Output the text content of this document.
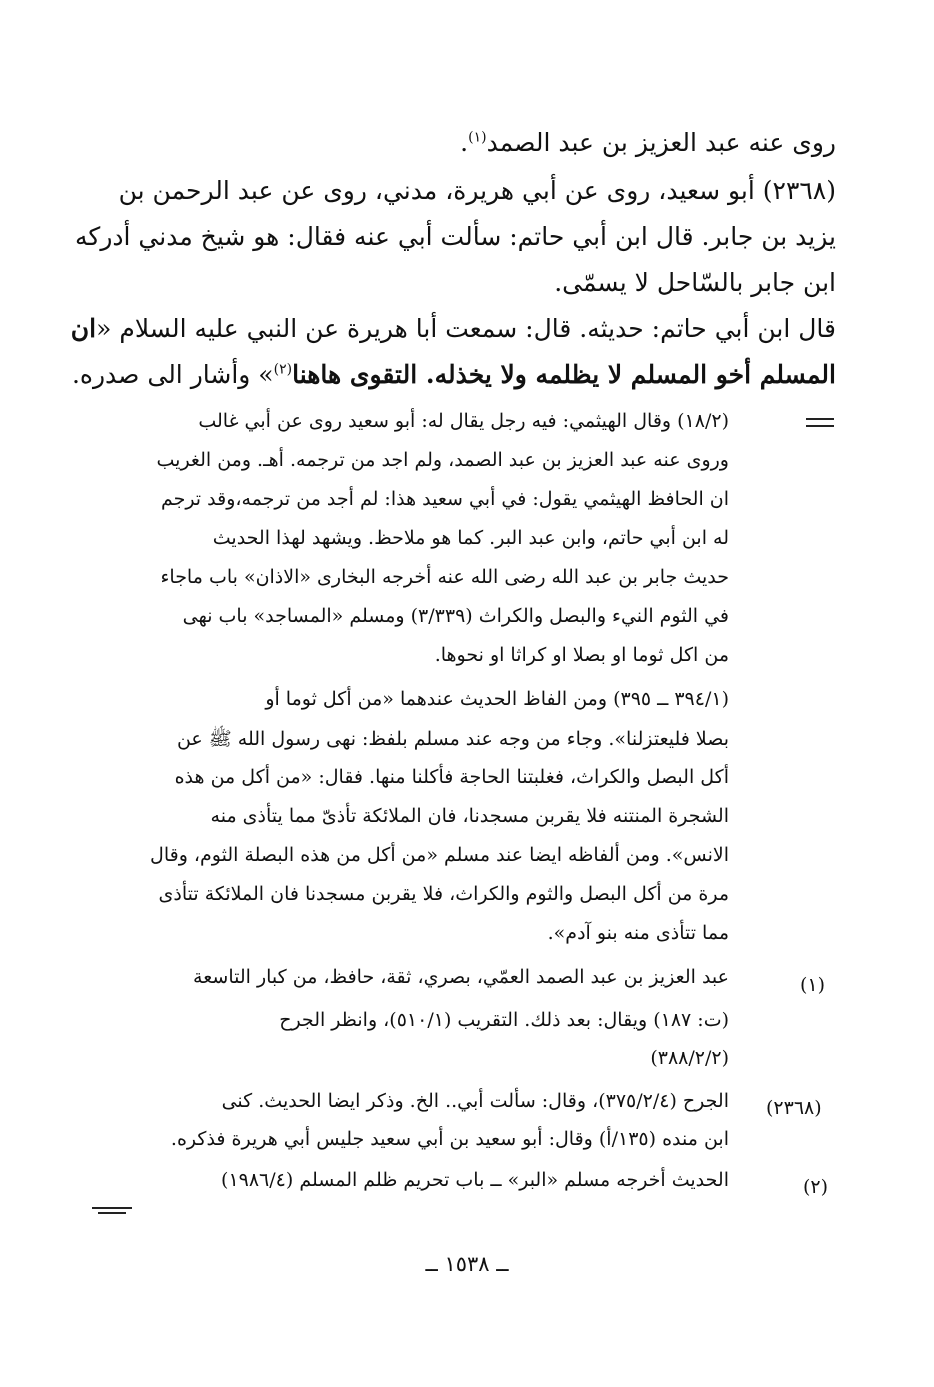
روى عنه عبد العزيز بن عبد الصمد$^{(١)}$.
(٢٣٦٨) أبو سعيد، روى عن أبي هريرة، مدني، روى عن عبد الرحمن بن
يزيد بن جابر. قال ابن أبي حاتم: سألت أبي عنه فقال: هو شيخ مدني أدركه
ابن جابر بالسّاحل لا يسمّى.
قال ابن أبي حاتم: حديثه. قال: سمعت أبا هريرة عن النبي عليه السلام «ان
المسلم أخو المسلم لا يظلمه ولا يخذله. التقوى هاهنا$^{(٢)}$» وأشار الى صدره.
(١٨/٢) وقال الهيثمي: فيه رجل يقال له: أبو سعيد روى عن أبي غالب
وروى عنه عبد العزيز بن عبد الصمد، ولم اجد من ترجمه. أهـ. ومن الغريب
ان الحافظ الهيثمي يقول: في أبي سعيد هذا: لم أجد من ترجمه،وقد ترجم
له ابن أبي حاتم، وابن عبد البر. كما هو ملاحظ. ويشهد لهذا الحديث
حديث جابر بن عبد الله رضى الله عنه أخرجه البخارى «الاذان» باب ماجاء
في الثوم النيء والبصل والكراث (٣/٣٣٩) ومسلم «المساجد» باب نهى
من اكل ثوما او بصلا او كراثا او نحوها.
(٣٩٤/١ ــ ٣٩٥) ومن الفاظ الحديث عندهما «من أكل ثوما أو
بصلا فليعتزلنا». وجاء من وجه عند مسلم بلفظ: نهى رسول الله ﷺ عن
أكل البصل والكراث، فغلبتنا الحاجة فأكلنا منها. فقال: «من أكل من هذه
الشجرة المنتنه فلا يقربن مسجدنا، فان الملائكة تأذىّ مما يتأذى منه
الانس». ومن ألفاظه ايضا عند مسلم «من أكل من هذه البصلة الثوم، وقال
مرة من أكل البصل والثوم والكراث، فلا يقربن مسجدنا فان الملائكة تتأذى
مما تتأذى منه بنو آدم».
(١)
عبد العزيز بن عبد الصمد العمّي، بصري، ثقة، حافظ، من كبار التاسعة
(ت: ١٨٧) ويقال: بعد ذلك. التقريب (٥١٠/١)، وانظر الجرح
(٣٨٨/٢/٢)
(٢٣٦٨)
الجرح (٣٧٥/٢/٤)، وقال: سألت أبي.. الخ. وذكر ايضا الحديث. كنى
ابن منده (١٣٥/أ) وقال: أبو سعيد بن أبي سعيد جليس أبي هريرة فذكره.
(٢)
الحديث أخرجه مسلم «البر» ــ باب تحريم ظلم المسلم (١٩٨٦/٤)
ــ ١٥٣٨ ــ
